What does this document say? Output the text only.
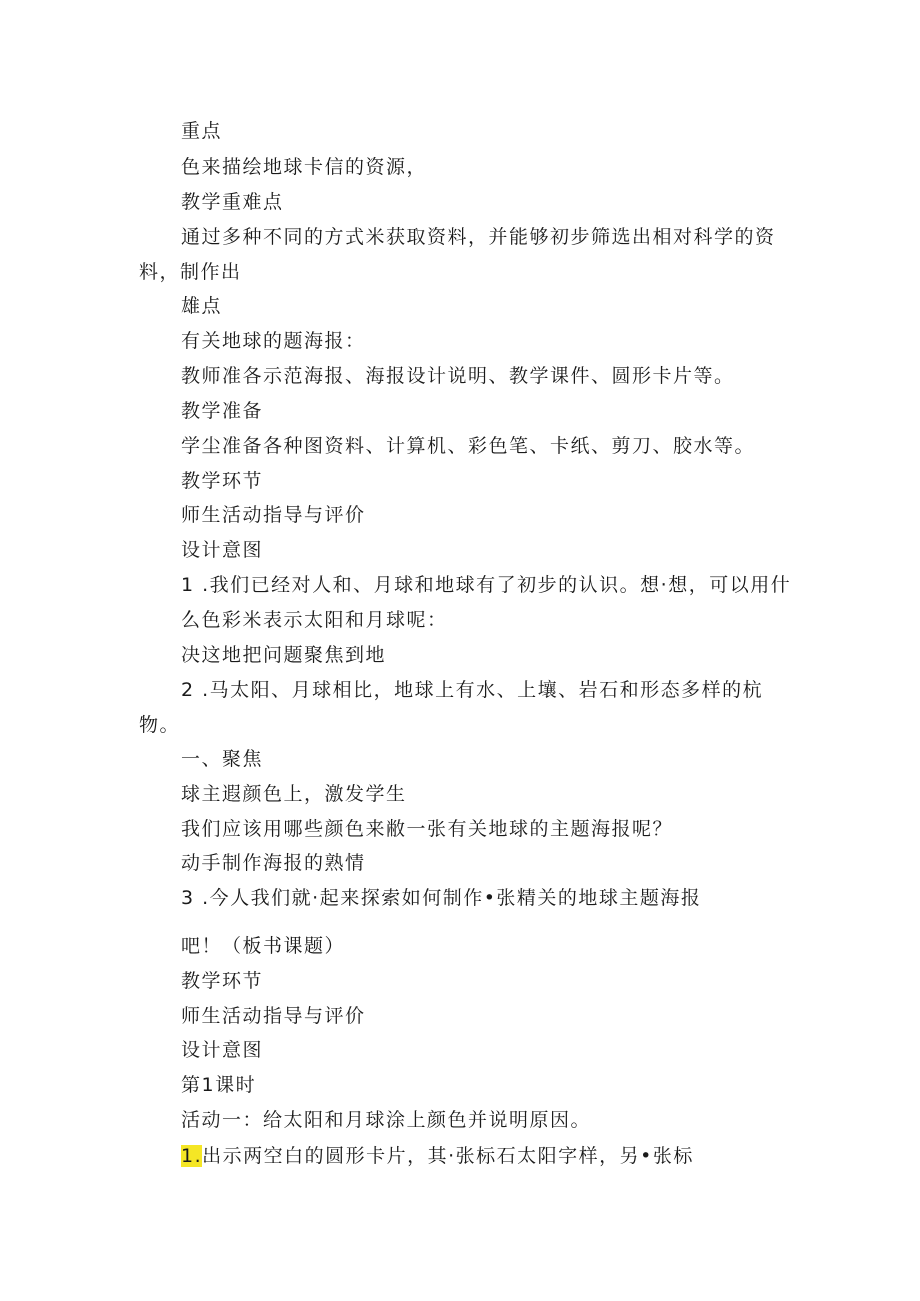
重点
色来描绘地球卡信的资源，
教学重难点
通过多种不同的方式米获取资料，并能够初步筛选出相对科学的资
料，制作出
雄点
有关地球的题海报：
教师准各示范海报、海报设计说明、教学课件、圆形卡片等。
教学准备
学尘准备各种图资料、计算机、彩色笔、卡纸、剪刀、胶水等。
教学环节
师生活动指导与评价
设计意图
1 .我们已经对人和、月球和地球有了初步的认识。想·想，可以用什
么色彩米表示太阳和月球呢：
决这地把问题聚焦到地
2 .马太阳、月球相比，地球上有水、上壤、岩石和形态多样的杭
物。
一、聚焦
球主遐颜色上，激发学生
我们应该用哪些颜色来敝一张有关地球的主题海报呢？
动手制作海报的熟情
3 .今人我们就·起来探索如何制作•张精关的地球主题海报
吧！（板书课题）
教学环节
师生活动指导与评价
设计意图
第1课时
活动一：给太阳和月球涂上颜色并说明原因。
1.出示两空白的圆形卡片，其·张标石太阳字样，另•张标
